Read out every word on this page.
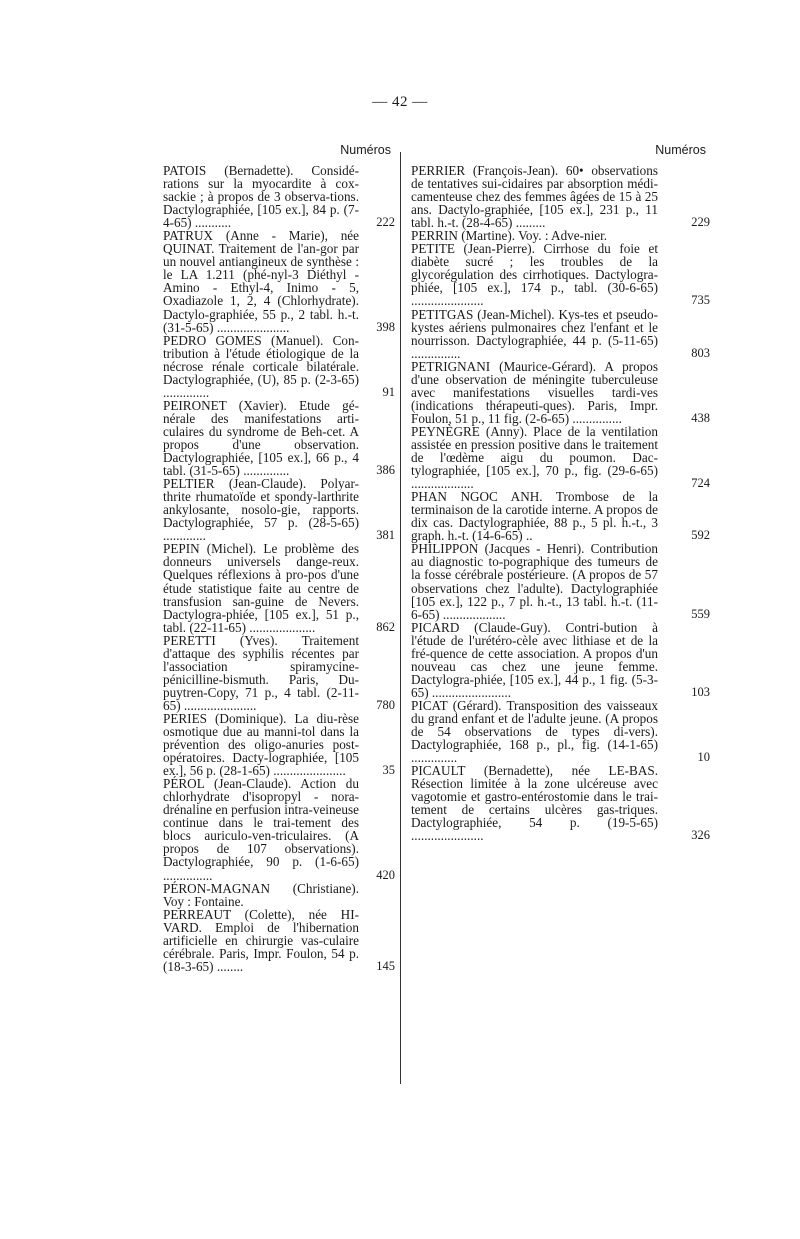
— 42 —
Numéros
PATOIS (Bernadette). Considé-rations sur la myocardite à cox-sackie ; à propos de 3 observa-tions. Dactylographiée, [105 ex.], 84 p. (7-4-65) ...........	222
PATRUX (Anne - Marie), née QUINAT. Traitement de l'an-gor par un nouvel antiangineux de synthèse : le LA 1.211 (phé-nyl-3 Diéthyl - Amino - Ethyl-4, Inimo - 5, Oxadiazole 1, 2, 4 (Chlorhydrate). Dactylo-graphiée, 55 p., 2 tabl. h.-t. (31-5-65) ......................	398
PEDRO GOMES (Manuel). Con-tribution à l'étude étiologique de la nécrose rénale corticale bilatérale. Dactylographiée, (U), 85 p. (2-3-65) ..............	91
PEIRONET (Xavier). Etude gé-nérale des manifestations arti-culaires du syndrome de Beh-cet. A propos d'une observation. Dactylographiée, [105 ex.], 66 p., 4 tabl. (31-5-65) ..............	386
PELTIER (Jean-Claude). Polyar-thrite rhumatoïde et spondy-larthrite ankylosante, nosolo-gie, rapports. Dactylographiée, 57 p. (28-5-65) .............	381
PEPIN (Michel). Le problème des donneurs universels dange-reux. Quelques réflexions à pro-pos d'une étude statistique faite au centre de transfusion san-guine de Nevers. Dactylogra-phiée, [105 ex.], 51 p., tabl. (22-11-65) ....................	862
PERETTI (Yves). Traitement d'attaque des syphilis récentes par l'association spiramycine-pénicilline-bismuth. Paris, Du-puytren-Copy, 71 p., 4 tabl. (2-11-65) ......................	780
PERIES (Dominique). La diu-rèse osmotique due au manni-tol dans la prévention des oligo-anuries post-opératoires. Dacty-lographiée, [105 ex.], 56 p. (28-1-65) ......................	35
PÉROL (Jean-Claude). Action du chlorhydrate d'isopropyl - nora-drénaline en perfusion intra-veineuse continue dans le trai-tement des blocs auriculo-ven-triculaires. (A propos de 107 observations). Dactylographiée, 90 p. (1-6-65) ...............	420
PÉRON-MAGNAN (Christiane). Voy : Fontaine.
PERREAUT (Colette), née HI-VARD. Emploi de l'hibernation artificielle en chirurgie vas-culaire cérébrale. Paris, Impr. Foulon, 54 p. (18-3-65) ........	145
Numéros
PERRIER (François-Jean). 60• observations de tentatives sui-cidaires par absorption médi-camenteuse chez des femmes âgées de 15 à 25 ans. Dactylo-graphiée, [105 ex.], 231 p., 11 tabl. h.-t. (28-4-65) .........	229
PERRIN (Martine). Voy. : Adve-nier.
PETITE (Jean-Pierre). Cirrhose du foie et diabète sucré ; les troubles de la glycorégulation des cirrhotiques. Dactylogra-phiée, [105 ex.], 174 p., tabl. (30-6-65) ......................	735
PETITGAS (Jean-Michel). Kys-tes et pseudo-kystes aériens pulmonaires chez l'enfant et le nourrisson. Dactylographiée, 44 p. (5-11-65) ...............	803
PETRIGNANI (Maurice-Gérard). A propos d'une observation de méningite tuberculeuse avec manifestations visuelles tardi-ves (indications thérapeuti-ques). Paris, Impr. Foulon, 51 p., 11 fig. (2-6-65) ...............	438
PEYNÈGRE (Anny). Place de la ventilation assistée en pression positive dans le traitement de l'œdème aigu du poumon. Dac-tylographiée, [105 ex.], 70 p., fig. (29-6-65) ...................	724
PHAN NGOC ANH. Trombose de la terminaison de la carotide interne. A propos de dix cas. Dactylographiée, 88 p., 5 pl. h.-t., 3 graph. h.-t. (14-6-65) ..	592
PHILIPPON (Jacques - Henri). Contribution au diagnostic to-pographique des tumeurs de la fosse cérébrale postérieure. (A propos de 57 observations chez l'adulte). Dactylographiée [105 ex.], 122 p., 7 pl. h.-t., 13 tabl. h.-t. (11-6-65) ...................	559
PICARD (Claude-Guy). Contri-bution à l'étude de l'urétéro-cèle avec lithiase et de la fré-quence de cette association. A propos d'un nouveau cas chez une jeune femme. Dactylogra-phiée, [105 ex.], 44 p., 1 fig. (5-3-65) ........................	103
PICAT (Gérard). Transposition des vaisseaux du grand enfant et de l'adulte jeune. (A propos de 54 observations de types di-vers). Dactylographiée, 168 p., pl., fig. (14-1-65) ..............	10
PICAULT (Bernadette), née LE-BAS. Résection limitée à la zone ulcéreuse avec vagotomie et gastro-entérostomie dans le trai-tement de certains ulcères gas-triques. Dactylographiée, 54 p. (19-5-65) ......................	326
